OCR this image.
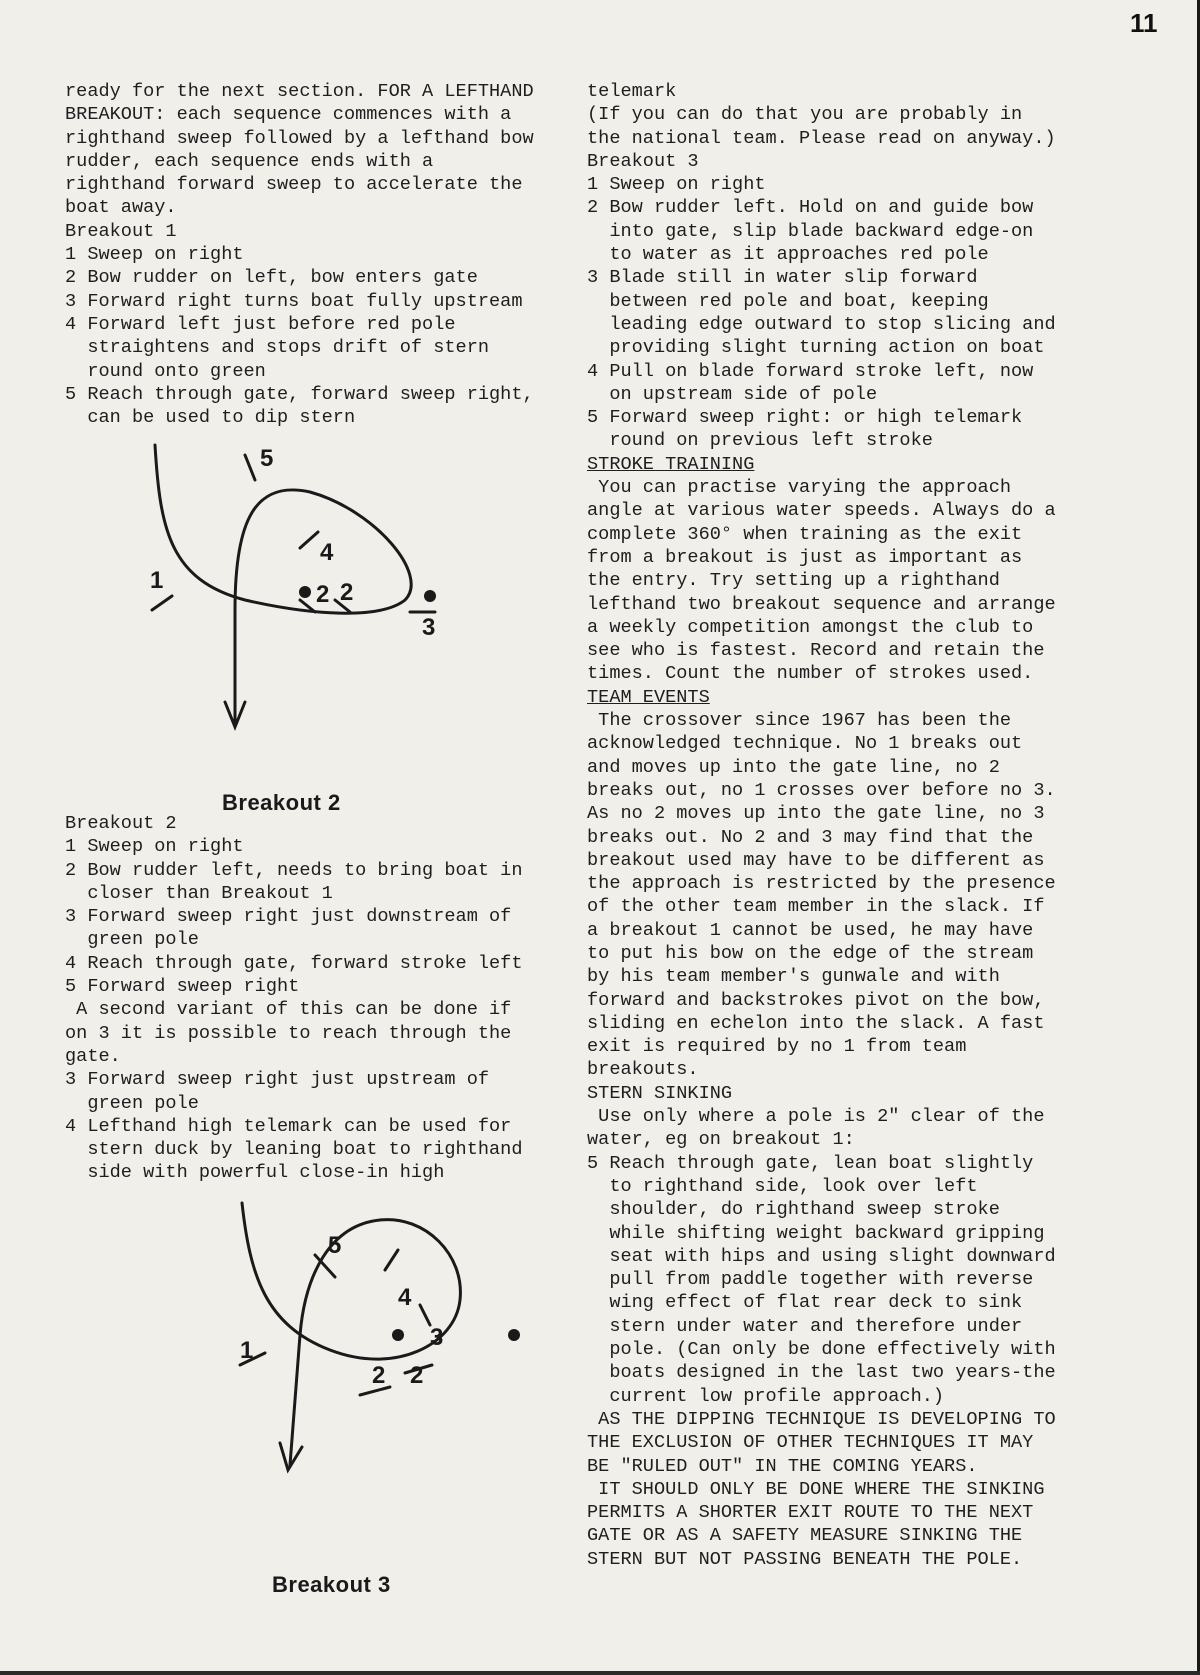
11
ready for the next section. FOR A LEFTHAND
BREAKOUT: each sequence commences with a
righthand sweep followed by a lefthand bow
rudder, each sequence ends with a
righthand forward sweep to accelerate the
boat away.
Breakout 1
1 Sweep on right
2 Bow rudder on left, bow enters gate
3 Forward right turns boat fully upstream
4 Forward left just before red pole
straightens and stops drift of stern
round onto green
5 Reach through gate, forward sweep right,
can be used to dip stern
5
4
1
2 2
3
Breakout 2
Breakout 2
1 Sweep on right
2 Bow rudder left, needs to bring boat in
closer than Breakout 1
3 Forward sweep right just downstream of
green pole
4 Reach through gate, forward stroke left
5 Forward sweep right
A second variant of this can be done if
on 3 it is possible to reach through the
gate.
3 Forward sweep right just upstream of
green pole
4 Lefthand high telemark can be used for
stern duck by leaning boat to righthand
side with powerful close-in high
5
4
3
1
2 2
Breakout 3
telemark
(If you can do that you are probably in
the national team. Please read on anyway.)
Breakout 3
1 Sweep on right
2 Bow rudder left. Hold on and guide bow
into gate, slip blade backward edge-on
to water as it approaches red pole
3 Blade still in water slip forward
between red pole and boat, keeping
leading edge outward to stop slicing and
providing slight turning action on boat
4 Pull on blade forward stroke left, now
on upstream side of pole
5 Forward sweep right: or high telemark
round on previous left stroke
STROKE TRAINING
You can practise varying the approach
angle at various water speeds. Always do a
complete 360° when training as the exit
from a breakout is just as important as
the entry. Try setting up a righthand
lefthand two breakout sequence and arrange
a weekly competition amongst the club to
see who is fastest. Record and retain the
times. Count the number of strokes used.
TEAM EVENTS
The crossover since 1967 has been the
acknowledged technique. No 1 breaks out
and moves up into the gate line, no 2
breaks out, no 1 crosses over before no 3.
As no 2 moves up into the gate line, no 3
breaks out. No 2 and 3 may find that the
breakout used may have to be different as
the approach is restricted by the presence
of the other team member in the slack. If
a breakout 1 cannot be used, he may have
to put his bow on the edge of the stream
by his team member's gunwale and with
forward and backstrokes pivot on the bow,
sliding en echelon into the slack. A fast
exit is required by no 1 from team
breakouts.
STERN SINKING
Use only where a pole is 2" clear of the
water, eg on breakout 1:
5 Reach through gate, lean boat slightly
to righthand side, look over left
shoulder, do righthand sweep stroke
while shifting weight backward gripping
seat with hips and using slight downward
pull from paddle together with reverse
wing effect of flat rear deck to sink
stern under water and therefore under
pole. (Can only be done effectively with
boats designed in the last two years-the
current low profile approach.)
AS THE DIPPING TECHNIQUE IS DEVELOPING TO
THE EXCLUSION OF OTHER TECHNIQUES IT MAY
BE "RULED OUT" IN THE COMING YEARS.
IT SHOULD ONLY BE DONE WHERE THE SINKING
PERMITS A SHORTER EXIT ROUTE TO THE NEXT
GATE OR AS A SAFETY MEASURE SINKING THE
STERN BUT NOT PASSING BENEATH THE POLE.
